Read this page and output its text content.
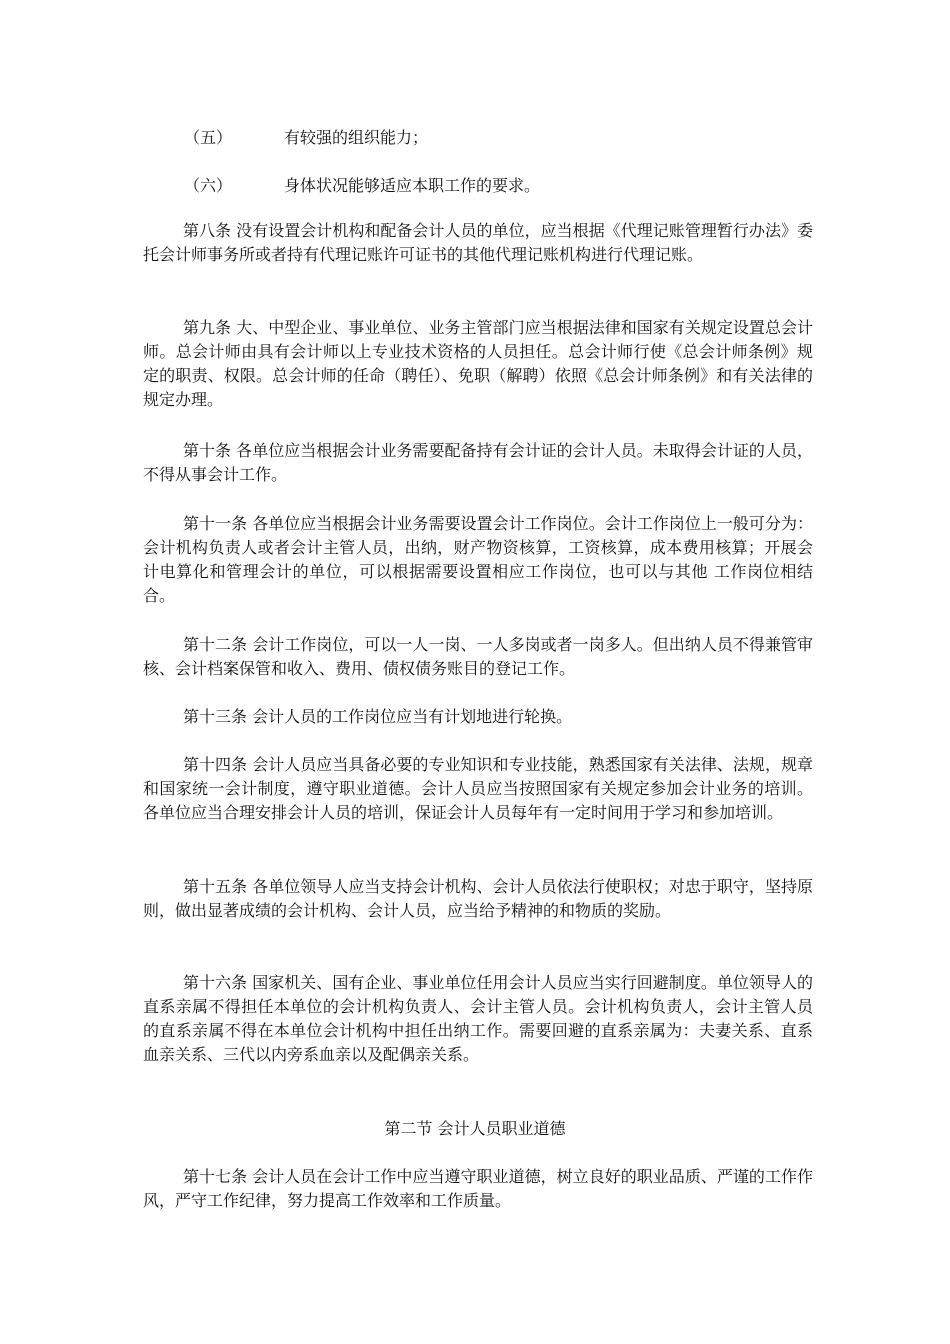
（五）	有较强的组织能力；
（六）	身体状况能够适应本职工作的要求。

第八条 没有设置会计机构和配备会计人员的单位，应当根据《代理记账管理暂行办法》委托会计师事务所或者持有代理记账许可证书的其他代理记账机构进行代理记账。

第九条 大、中型企业、事业单位、业务主管部门应当根据法律和国家有关规定设置总会计师。总会计师由具有会计师以上专业技术资格的人员担任。总会计师行使《总会计师条例》规定的职责、权限。总会计师的任命（聘任）、免职（解聘）依照《总会计师条例》和有关法律的规定办理。

第十条 各单位应当根据会计业务需要配备持有会计证的会计人员。未取得会计证的人员，不得从事会计工作。

第十一条 各单位应当根据会计业务需要设置会计工作岗位。会计工作岗位上一般可分为：会计机构负责人或者会计主管人员，出纳，财产物资核算，工资核算，成本费用核算；开展会计电算化和管理会计的单位，可以根据需要设置相应工作岗位，也可以与其他 工作岗位相结合。

第十二条 会计工作岗位，可以一人一岗、一人多岗或者一岗多人。但出纳人员不得兼管审核、会计档案保管和收入、费用、债权债务账目的登记工作。

第十三条 会计人员的工作岗位应当有计划地进行轮换。

第十四条 会计人员应当具备必要的专业知识和专业技能，熟悉国家有关法律、法规，规章和国家统一会计制度，遵守职业道德。会计人员应当按照国家有关规定参加会计业务的培训。各单位应当合理安排会计人员的培训，保证会计人员每年有一定时间用于学习和参加培训。

第十五条 各单位领导人应当支持会计机构、会计人员依法行使职权；对忠于职守，坚持原则，做出显著成绩的会计机构、会计人员，应当给予精神的和物质的奖励。

第十六条 国家机关、国有企业、事业单位任用会计人员应当实行回避制度。单位领导人的直系亲属不得担任本单位的会计机构负责人、会计主管人员。会计机构负责人，会计主管人员的直系亲属不得在本单位会计机构中担任出纳工作。需要回避的直系亲属为：夫妻关系、直系血亲关系、三代以内旁系血亲以及配偶亲关系。

第二节 会计人员职业道德

第十七条 会计人员在会计工作中应当遵守职业道德，树立良好的职业品质、严谨的工作作风，严守工作纪律，努力提高工作效率和工作质量。
